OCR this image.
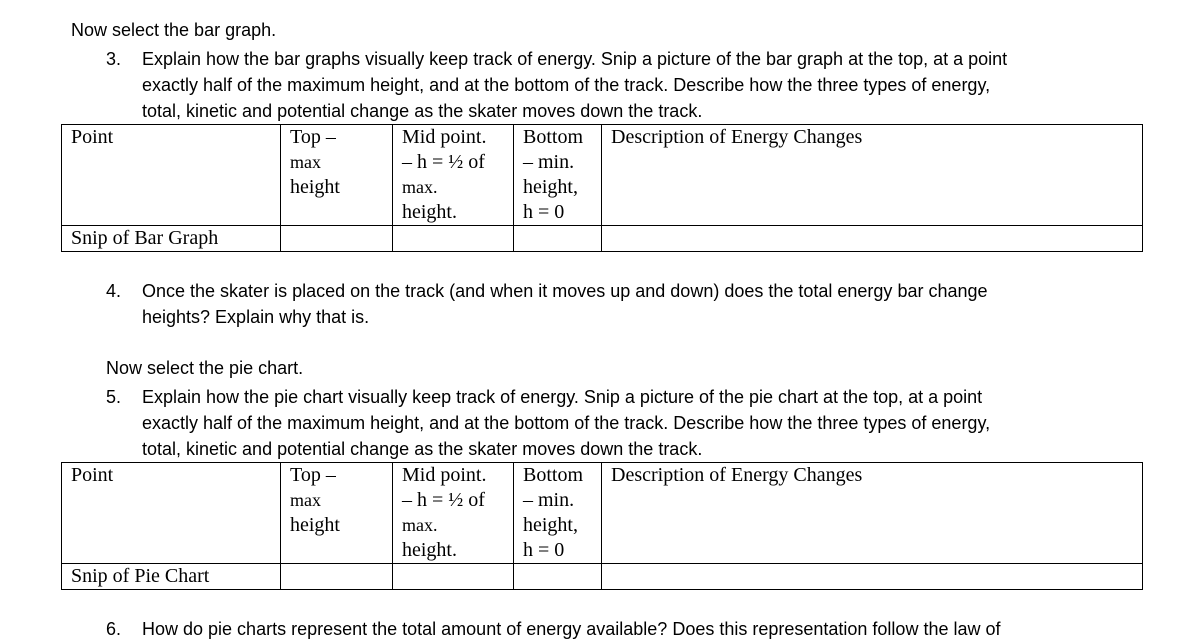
Now select the bar graph.
3. Explain how the bar graphs visually keep track of energy. Snip a picture of the bar graph at the top, at a point
exactly half of the maximum height, and at the bottom of the track. Describe how the three types of energy,
total, kinetic and potential change as the skater moves down the track.
Point	Top –
max
height	Mid point.
– h = ½ of
max.
height.	Bottom
– min.
height,
h = 0	Description of Energy Changes
Snip of Bar Graph				
4. Once the skater is placed on the track (and when it moves up and down) does the total energy bar change
heights? Explain why that is.
Now select the pie chart.
5. Explain how the pie chart visually keep track of energy. Snip a picture of the pie chart at the top, at a point
exactly half of the maximum height, and at the bottom of the track. Describe how the three types of energy,
total, kinetic and potential change as the skater moves down the track.
Point	Top –
max
height	Mid point.
– h = ½ of
max.
height.	Bottom
– min.
height,
h = 0	Description of Energy Changes
Snip of Pie Chart				
6. How do pie charts represent the total amount of energy available? Does this representation follow the law of
